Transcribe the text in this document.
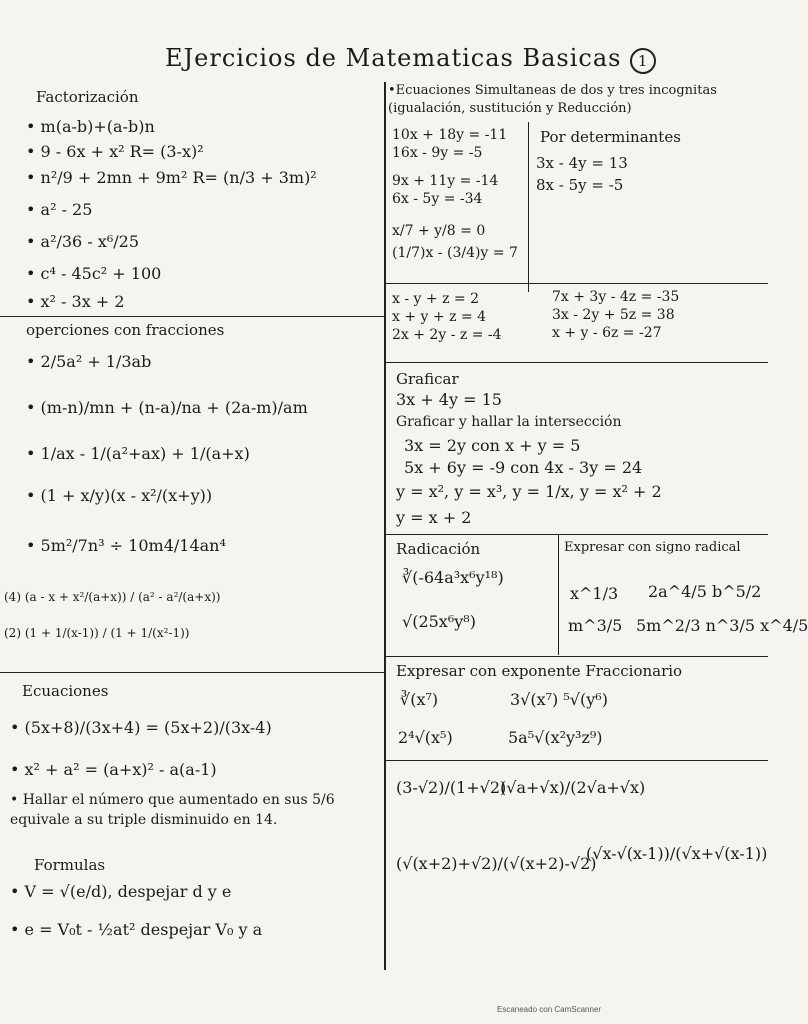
EJercicios de Matematicas Basicas 1
Factorización
• m(a-b)+(a-b)n
• 9 - 6x + x² R= (3-x)²
• n²/9 + 2mn + 9m² R= (n/3 + 3m)²
• a² - 25
• a²/36 - x⁶/25
• c⁴ - 45c² + 100
• x² - 3x + 2
operciones con fracciones
• 2/5a² + 1/3ab
• (m-n)/mn + (n-a)/na + (2a-m)/am
• 1/ax - 1/(a²+ax) + 1/(a+x)
• (1 + x/y)(x - x²/(x+y))
• 5m²/7n³ ÷ 10m4/14an⁴
(4) (a - x + x²/(a+x)) / (a² - a²/(a+x))
(2) (1 + 1/(x-1)) / (1 + 1/(x²-1))
Ecuaciones
• (5x+8)/(3x+4) = (5x+2)/(3x-4)
• x² + a² = (a+x)² - a(a-1)
• Hallar el número que aumentado en sus 5/6 equivale a su triple disminuido en 14.
Formulas
• V = √(e/d), despejar d y e
• e = V₀t - ½at² despejar V₀ y a
•Ecuaciones Simultaneas de dos y tres incognitas (igualación, sustitución y Reducción)
10x + 18y = -11
16x - 9y = -5
9x + 11y = -14
6x - 5y = -34
x/7 + y/8 = 0
(1/7)x - (3/4)y = 7
Por determinantes
3x - 4y = 13
8x - 5y = -5
x - y + z = 2
x + y + z = 4
2x + 2y - z = -4
7x + 3y - 4z = -35
3x - 2y + 5z = 38
x + y - 6z = -27
Graficar
3x + 4y = 15
Graficar y hallar la intersección
3x = 2y con x + y = 5
5x + 6y = -9 con 4x - 3y = 24
y = x², y = x³, y = 1/x, y = x² + 2
y = x + 2
Radicación
∛(-64a³x⁶y¹⁸)
√(25x⁶y⁸)
Expresar con signo radical
x^1/3 2a^4/5 b^5/2
m^3/5 5m^2/3 n^3/5 x^4/5
Expresar con exponente Fraccionario
∛(x⁷)	3√(x⁷) ⁵√(y⁶)
2⁴√(x⁵)	5a⁵√(x²y³z⁹)
(3-√2)/(1+√2)
(√a+√x)/(2√a+√x)
(√(x+2)+√2)/(√(x+2)-√2)
(√x-√(x-1))/(√x+√(x-1))
Escaneado con CamScanner
